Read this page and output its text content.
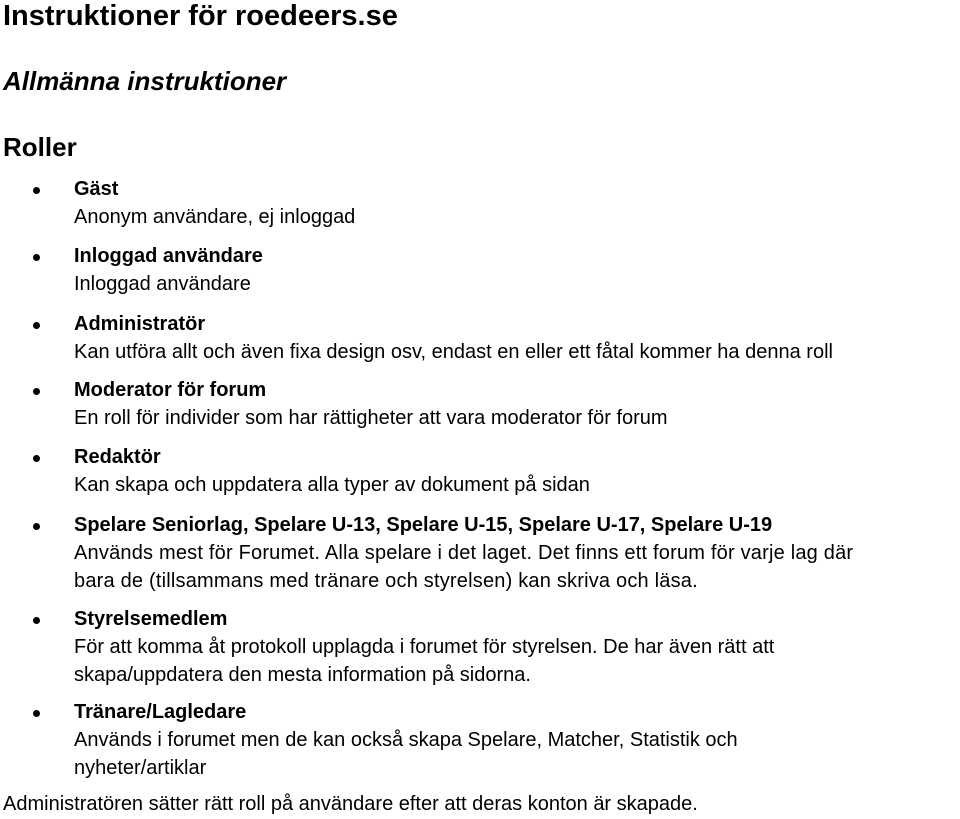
Instruktioner för roedeers.se
Allmänna instruktioner
Roller
Gäst
Anonym användare, ej inloggad
Inloggad användare
Inloggad användare
Administratör
Kan utföra allt och även fixa design osv, endast en eller ett fåtal kommer ha denna roll
Moderator för forum
En roll för individer som har rättigheter att vara moderator för forum
Redaktör
Kan skapa och uppdatera alla typer av dokument på sidan
Spelare Seniorlag, Spelare U-13, Spelare U-15, Spelare U-17, Spelare U-19
Används mest för Forumet. Alla spelare i det laget. Det finns ett forum för varje lag där
bara de (tillsammans med tränare och styrelsen) kan skriva och läsa.
Styrelsemedlem
För att komma åt protokoll upplagda i forumet för styrelsen. De har även rätt att
skapa/uppdatera den mesta information på sidorna.
Tränare/Lagledare
Används i forumet men de kan också skapa Spelare, Matcher, Statistik och
nyheter/artiklar

Administratören sätter rätt roll på användare efter att deras konton är skapade.
